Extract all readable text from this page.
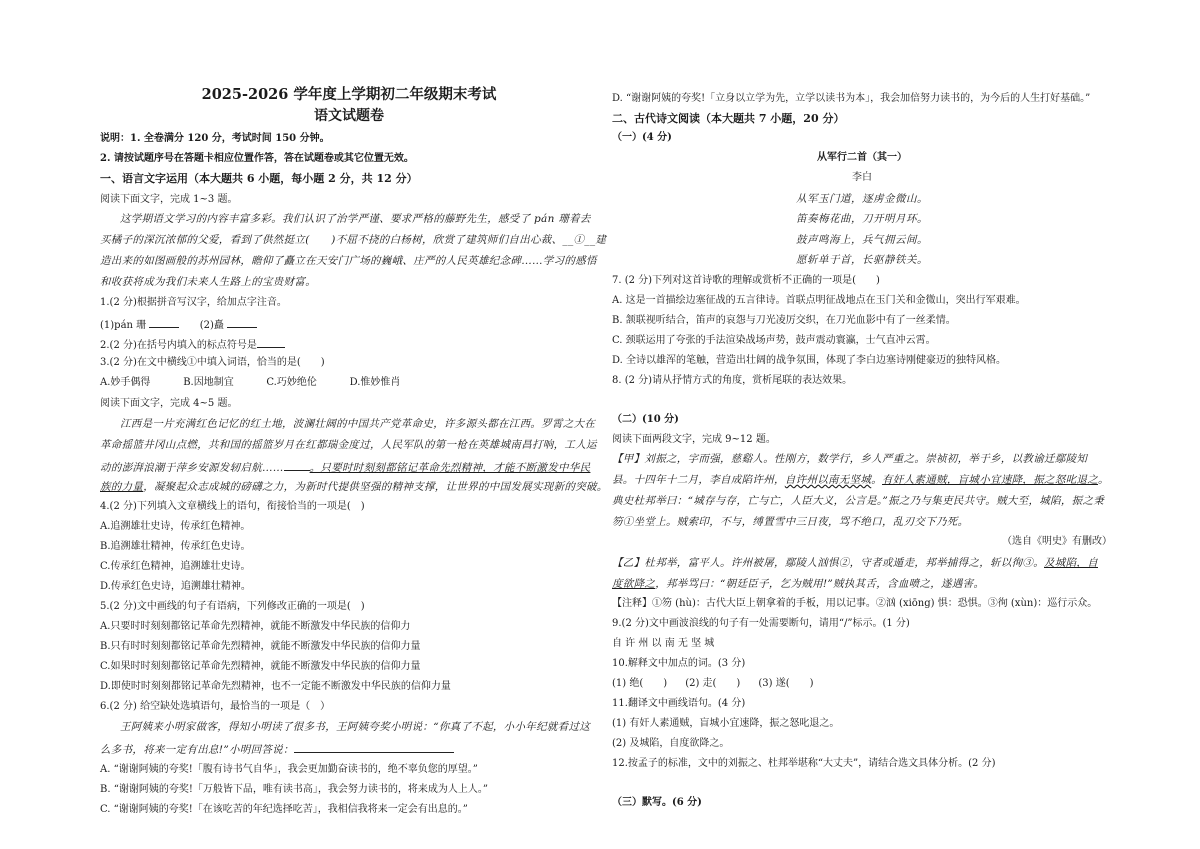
2025-2026 学年度上学期初二年级期末考试
语文试题卷
说明：1. 全卷满分 120 分，考试时间 150 分钟。
2. 请按试题序号在答题卡相应位置作答，答在试题卷或其它位置无效。
一、语言文字运用（本大题共 6 小题，每小题 2 分，共 12 分）
阅读下面文字，完成 1~3 题。
这学期语文学习的内容丰富多彩。我们认识了治学严谨、要求严格的藤野先生，感受了 pán 珊着去
买橘子的深沉浓郁的父爱，看到了供然挺立(　　)不屈不挠的白杨树，欣赏了建筑师们自出心裁、__①__建
造出来的如图画般的苏州园林，瞻仰了矗立在天安门广场的巍峨、庄严的人民英雄纪念碑……学习的感悟
和收获将成为我们未来人生路上的宝贵财富。
1.(2 分)根据拼音写汉字，给加点字注音。
(1)pán 珊	(2)矗
2.(2 分)在括号内填入的标点符号是
3.(2 分)在文中横线①中填入词语，恰当的是(　　)
A.妙手偶得	B.因地制宜	C.巧妙绝伦	D.惟妙惟肖
阅读下面文字，完成 4~5 题。
江西是一片充满红色记忆的红土地，波澜壮阔的中国共产党革命史，许多源头都在江西。罗霄之大在
革命摇篮井冈山点燃，共和国的摇篮岁月在红都瑞金度过，人民军队的第一枪在英雄城南昌打响，工人运
动的澎湃浪潮于萍乡安源发轫启航…… 。只要时时刻刻都铭记革命先烈精神，才能不断激发中华民
族的力量，凝聚起众志成城的磅礴之力，为新时代提供坚强的精神支撑，让世界的中国发展实现新的突破。
4.(2 分)下列填入文章横线上的语句，衔接恰当的一项是(　)
A.追溯雄壮史诗，传承红色精神。
B.追溯雄壮精神，传承红色史诗。
C.传承红色精神，追溯雄壮史诗。
D.传承红色史诗，追溯雄壮精神。
5.(2 分)文中画线的句子有语病，下列修改正确的一项是(　)
A.只要时时刻刻都铭记革命先烈精神，就能不断激发中华民族的信仰力
B.只有时时刻刻都铭记革命先烈精神，就能不断激发中华民族的信仰力量
C.如果时时刻刻都铭记革命先烈精神，就能不断激发中华民族的信仰力量
D.即使时时刻刻都铭记革命先烈精神，也不一定能不断激发中华民族的信仰力量
6.(2 分) 给空缺处选填语句，最恰当的一项是（　）
王阿姨来小明家做客，得知小明读了很多书，王阿姨夸奖小明说：“你真了不起，小小年纪就看过这
么多书，将来一定有出息!”小明回答说：
A. “谢谢阿姨的夸奖!「腹有诗书气自华」，我会更加勤奋读书的，绝不辜负您的厚望。”
B. “谢谢阿姨的夸奖!「万般皆下品，唯有读书高」，我会努力读书的，将来成为人上人。”
C. “谢谢阿姨的夸奖!「在该吃苦的年纪选择吃苦」，我相信我将来一定会有出息的。”
D. “谢谢阿姨的夸奖!「立身以立学为先，立学以读书为本」，我会加倍努力读书的，为今后的人生打好基础。”
二、古代诗文阅读（本大题共 7 小题，20 分）
（一）(4 分)
从军行二首（其一）
李白
从军玉门道，逐虏金微山。
笛奏梅花曲，刀开明月环。
鼓声鸣海上，兵气拥云间。
愿斩单于首，长驱静铁关。
7. (2 分)下列对这首诗歌的理解或赏析不正确的一项是(　　)
A. 这是一首描绘边塞征战的五言律诗。首联点明征战地点在玉门关和金微山，突出行军艰难。
B. 颔联视听结合，笛声的哀怨与刀光凌厉交织，在刀光血影中有了一丝柔情。
C. 颈联运用了夸张的手法渲染战场声势，鼓声震动寰瀛，士气直冲云霄。
D. 全诗以雄浑的笔触，营造出壮阔的战争氛围，体现了李白边塞诗刚健豪迈的独特风格。
8. (2 分)请从抒情方式的角度，赏析尾联的表达效果。
（二）(10 分)
阅读下面两段文字，完成 9~12 题。
【甲】刘振之，字而强，慈谿人。性刚方，数学行，乡人严重之。崇祯初，举于乡，以教谕迁鄢陵知
县。十四年十二月，李自成陷许州，自许州以南无坚城。有奸人素通贼，盲城小宜速降，振之怒叱退之。
典史杜邦举曰：“城存与存，亡与亡，人臣大义，公言是。”振之乃与集吏民共守。贼大至，城陷，振之秉
笏①坐堂上。贼索印，不与，缚置雪中三日夜，骂不绝口，乱刃交下乃死。
（选自《明史》有删改）
【乙】杜邦举，富平人。许州被屠，鄢陵人汹惧②，守者或遁走，邦举捕得之，斩以徇③。及城陷，自
度欲降之，邦举骂曰：“朝廷臣子，乞为贼用!”贼执其舌，含血喷之，遂遇害。
【注释】①笏 (hù)：古代大臣上朝拿着的手板，用以记事。②汹 (xiōng) 惧：恐惧。③徇 (xùn)：巡行示众。
9.(2 分)文中画波浪线的句子有一处需要断句，请用“/”标示。(1 分)
自 许 州 以 南 无 坚 城
10.解释文中加点的词。(3 分)
(1) 绝(　　) (2) 走(　　) (3) 遂(　　)
11.翻译文中画线语句。(4 分)
(1) 有奸人素通贼，盲城小宜速降，振之怒叱退之。
(2) 及城陷，自度欲降之。
12.按孟子的标准，文中的刘振之、杜邦举堪称“大丈夫”，请结合选文具体分析。(2 分)
（三）默写。(6 分)
